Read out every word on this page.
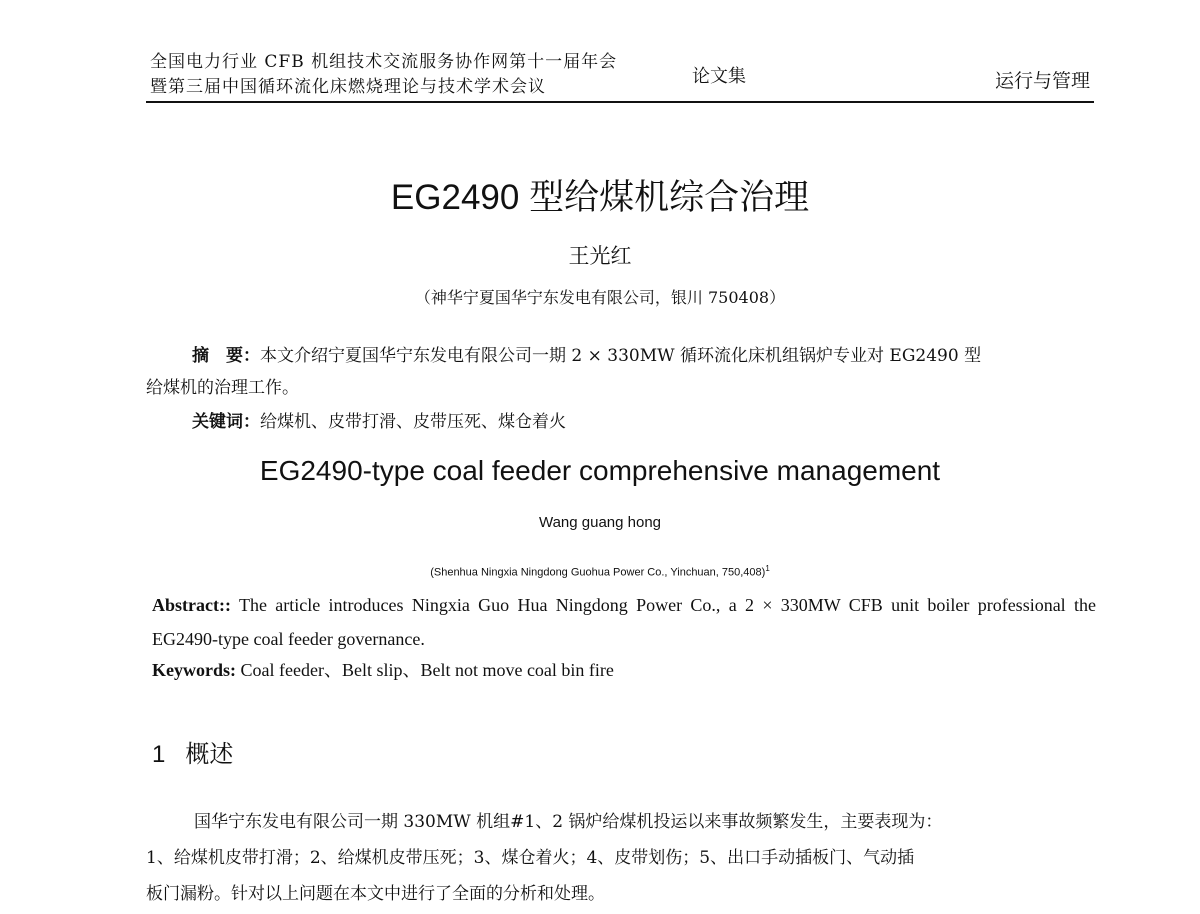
全国电力行业 CFB 机组技术交流服务协作网第十一届年会
暨第三届中国循环流化床燃烧理论与技术学术会议	论文集	运行与管理
EG2490 型给煤机综合治理
王光红
（神华宁夏国华宁东发电有限公司，银川 750408）
摘　要：本文介绍宁夏国华宁东发电有限公司一期 2 × 330MW 循环流化床机组锅炉专业对 EG2490 型
给煤机的治理工作。
关键词：给煤机、皮带打滑、皮带压死、煤仓着火
EG2490-type coal feeder comprehensive management
Wang guang hong
(Shenhua Ningxia Ningdong Guohua Power Co., Yinchuan, 750,408)$^1$
Abstract:: The article introduces Ningxia Guo Hua Ningdong Power Co., a 2 × 330MW CFB unit boiler professional the EG2490-type coal feeder governance.
Keywords: Coal feeder、Belt slip、Belt not move coal bin fire
1 概述
国华宁东发电有限公司一期 330MW 机组#1、2 锅炉给煤机投运以来事故频繁发生，主要表现为：
1、给煤机皮带打滑；2、给煤机皮带压死；3、煤仓着火；4、皮带划伤；5、出口手动插板门、气动插
板门漏粉。针对以上问题在本文中进行了全面的分析和处理。
